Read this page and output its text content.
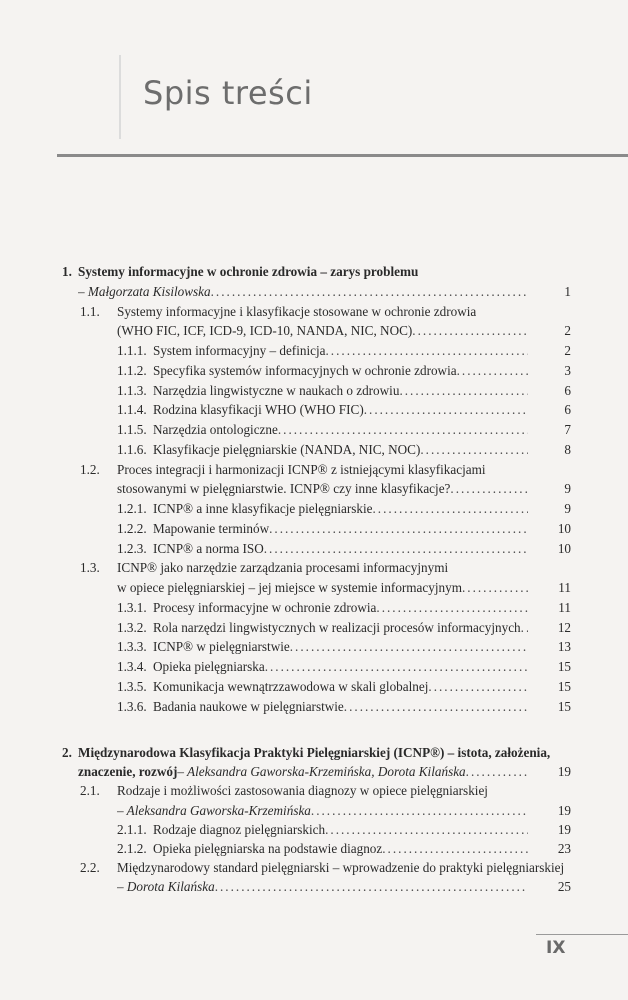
Spis treści
1. Systemy informacyjne w ochronie zdrowia – zarys problemu
– Małgorzata Kisilowska .....	1
1.1. Systemy informacyjne i klasyfikacje stosowane w ochronie zdrowia
(WHO FIC, ICF, ICD-9, ICD-10, NANDA, NIC, NOC) .....	2
1.1.1. System informacyjny – definicja .....	2
1.1.2. Specyfika systemów informacyjnych w ochronie zdrowia .....	3
1.1.3. Narzędzia lingwistyczne w naukach o zdrowiu .....	6
1.1.4. Rodzina klasyfikacji WHO (WHO FIC) .....	6
1.1.5. Narzędzia ontologiczne .....	7
1.1.6. Klasyfikacje pielęgniarskie (NANDA, NIC, NOC) .....	8
1.2. Proces integracji i harmonizacji ICNP® z istniejącymi klasyfikacjami
stosowanymi w pielęgniarstwie. ICNP® czy inne klasyfikacje? .....	9
1.2.1. ICNP® a inne klasyfikacje pielęgniarskie .....	9
1.2.2. Mapowanie terminów .....	10
1.2.3. ICNP® a norma ISO .....	10
1.3. ICNP® jako narzędzie zarządzania procesami informacyjnymi
w opiece pielęgniarskiej – jej miejsce w systemie informacyjnym .....	11
1.3.1. Procesy informacyjne w ochronie zdrowia .....	11
1.3.2. Rola narzędzi lingwistycznych w realizacji procesów informacyjnych .....	12
1.3.3. ICNP® w pielęgniarstwie .....	13
1.3.4. Opieka pielęgniarska .....	15
1.3.5. Komunikacja wewnątrzzawodowa w skali globalnej .....	15
1.3.6. Badania naukowe w pielęgniarstwie .....	15
2. Międzynarodowa Klasyfikacja Praktyki Pielęgniarskiej (ICNP®) – istota, założenia,
znaczenie, rozwój – Aleksandra Gaworska-Krzemińska, Dorota Kilańska .....	19
2.1. Rodzaje i możliwości zastosowania diagnozy w opiece pielęgniarskiej
– Aleksandra Gaworska-Krzemińska .....	19
2.1.1. Rodzaje diagnoz pielęgniarskich .....	19
2.1.2. Opieka pielęgniarska na podstawie diagnoz .....	23
2.2. Międzynarodowy standard pielęgniarski – wprowadzenie do praktyki pielęgniarskiej
– Dorota Kilańska .....	25
IX
